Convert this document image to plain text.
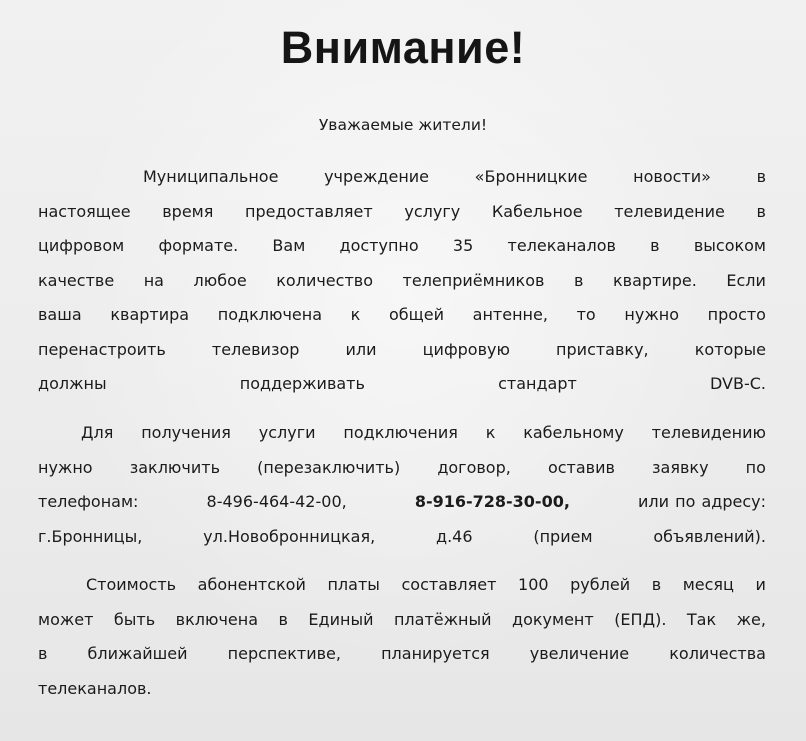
Внимание!

Уважаемые жители!

Муниципальное	учреждение	«Бронницкие	новости»	в
настоящее время предоставляет услугу Кабельное телевидение в
цифровом формате. Вам доступно 35 телеканалов в высоком
качестве на любое количество телеприёмников в квартире. Если
ваша квартира подключена к общей антенне, то нужно просто
перенастроить	телевизор	или	цифровую	приставку,	которые
должны поддерживать стандарт DVB-C.
Для получения услуги подключения к кабельному телевидению
нужно заключить (перезаключить) договор, оставив заявку по
телефонам:	8-496-464-42-00,	8-916-728-30-00,	или по адресу:
г.Бронницы, ул.Новобронницкая, д.46 (прием объявлений).
Стоимость абонентской платы составляет 100 рублей в месяц и
может быть включена в Единый платёжный документ (ЕПД). Так же,
в	ближайшей	перспективе,	планируется	увеличение	количества
телеканалов.
